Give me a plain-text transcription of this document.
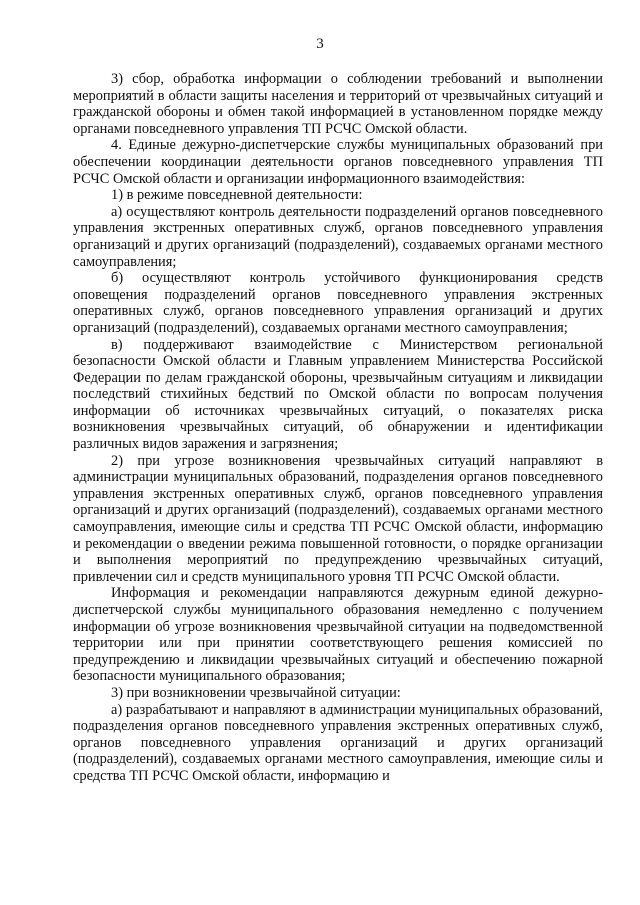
3

3) сбор, обработка информации о соблюдении требований и выполнении мероприятий в области защиты населения и территорий от чрезвычайных ситуаций и гражданской обороны и обмен такой информацией в установленном порядке между органами повседневного управления ТП РСЧС Омской области.

4. Единые дежурно-диспетчерские службы муниципальных образований при обеспечении координации деятельности органов повседневного управления ТП РСЧС Омской области и организации информационного взаимодействия:

1) в режиме повседневной деятельности:

а) осуществляют контроль деятельности подразделений органов повседневного управления экстренных оперативных служб, органов повседневного управления организаций и других организаций (подразделений), создаваемых органами местного самоуправления;

б) осуществляют контроль устойчивого функционирования средств оповещения подразделений органов повседневного управления экстренных оперативных служб, органов повседневного управления организаций и других организаций (подразделений), создаваемых органами местного самоуправления;

в) поддерживают взаимодействие с Министерством региональной безопасности Омской области и Главным управлением Министерства Российской Федерации по делам гражданской обороны, чрезвычайным ситуациям и ликвидации последствий стихийных бедствий по Омской области по вопросам получения информации об источниках чрезвычайных ситуаций, о показателях риска возникновения чрезвычайных ситуаций, об обнаружении и идентификации различных видов заражения и загрязнения;

2) при угрозе возникновения чрезвычайных ситуаций направляют в администрации муниципальных образований, подразделения органов повседневного управления экстренных оперативных служб, органов повседневного управления организаций и других организаций (подразделений), создаваемых органами местного самоуправления, имеющие силы и средства ТП РСЧС Омской области, информацию и рекомендации о введении режима повышенной готовности, о порядке организации и выполнения мероприятий по предупреждению чрезвычайных ситуаций, привлечении сил и средств муниципального уровня ТП РСЧС Омской области.

Информация и рекомендации направляются дежурным единой дежурно-диспетчерской службы муниципального образования немедленно с получением информации об угрозе возникновения чрезвычайной ситуации на подведомственной территории или при принятии соответствующего решения комиссией по предупреждению и ликвидации чрезвычайных ситуаций и обеспечению пожарной безопасности муниципального образования;

3) при возникновении чрезвычайной ситуации:

а) разрабатывают и направляют в администрации муниципальных образований, подразделения органов повседневного управления экстренных оперативных служб, органов повседневного управления организаций и других организаций (подразделений), создаваемых органами местного самоуправления, имеющие силы и средства ТП РСЧС Омской области, информацию и
